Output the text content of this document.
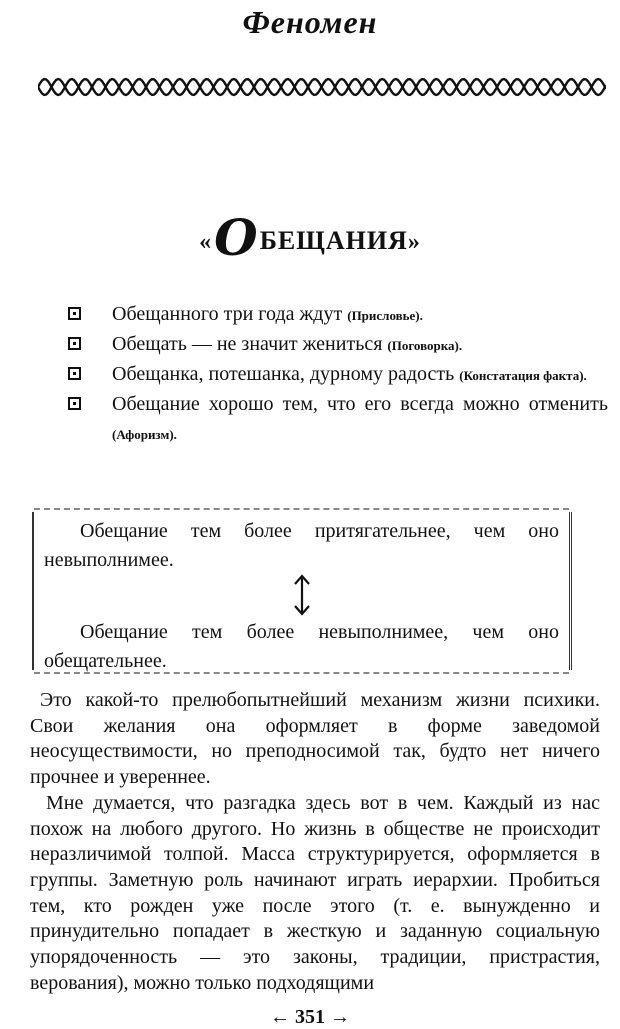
Феномен
«ОБЕЩАНИЯ»
Обещанного три года ждут (Присловье).
Обещать — не значит жениться (Поговорка).
Обещанка, потешанка, дурному радость (Констатация факта).
Обещание хорошо тем, что его всегда можно отменить (Афоризм).
Обещание тем более притягательнее, чем оно невыполнимее.
Обещание тем более невыполнимее, чем оно обещательнее.

Это какой-то прелюбопытнейший механизм жизни психики. Свои желания она оформляет в форме заведомой неосуществимости, но преподносимой так, будто нет ничего прочнее и увереннее.

Мне думается, что разгадка здесь вот в чем. Каждый из нас похож на любого другого. Но жизнь в обществе не происходит неразличимой толпой. Масса структурируется, оформляется в группы. Заметную роль начинают играть иерархии. Пробиться тем, кто рожден уже после этого (т. е. вынужденно и принудительно попадает в жесткую и заданную социальную упорядоченность — это законы, традиции, пристрастия, верования), можно только подходящими

← 351 →
